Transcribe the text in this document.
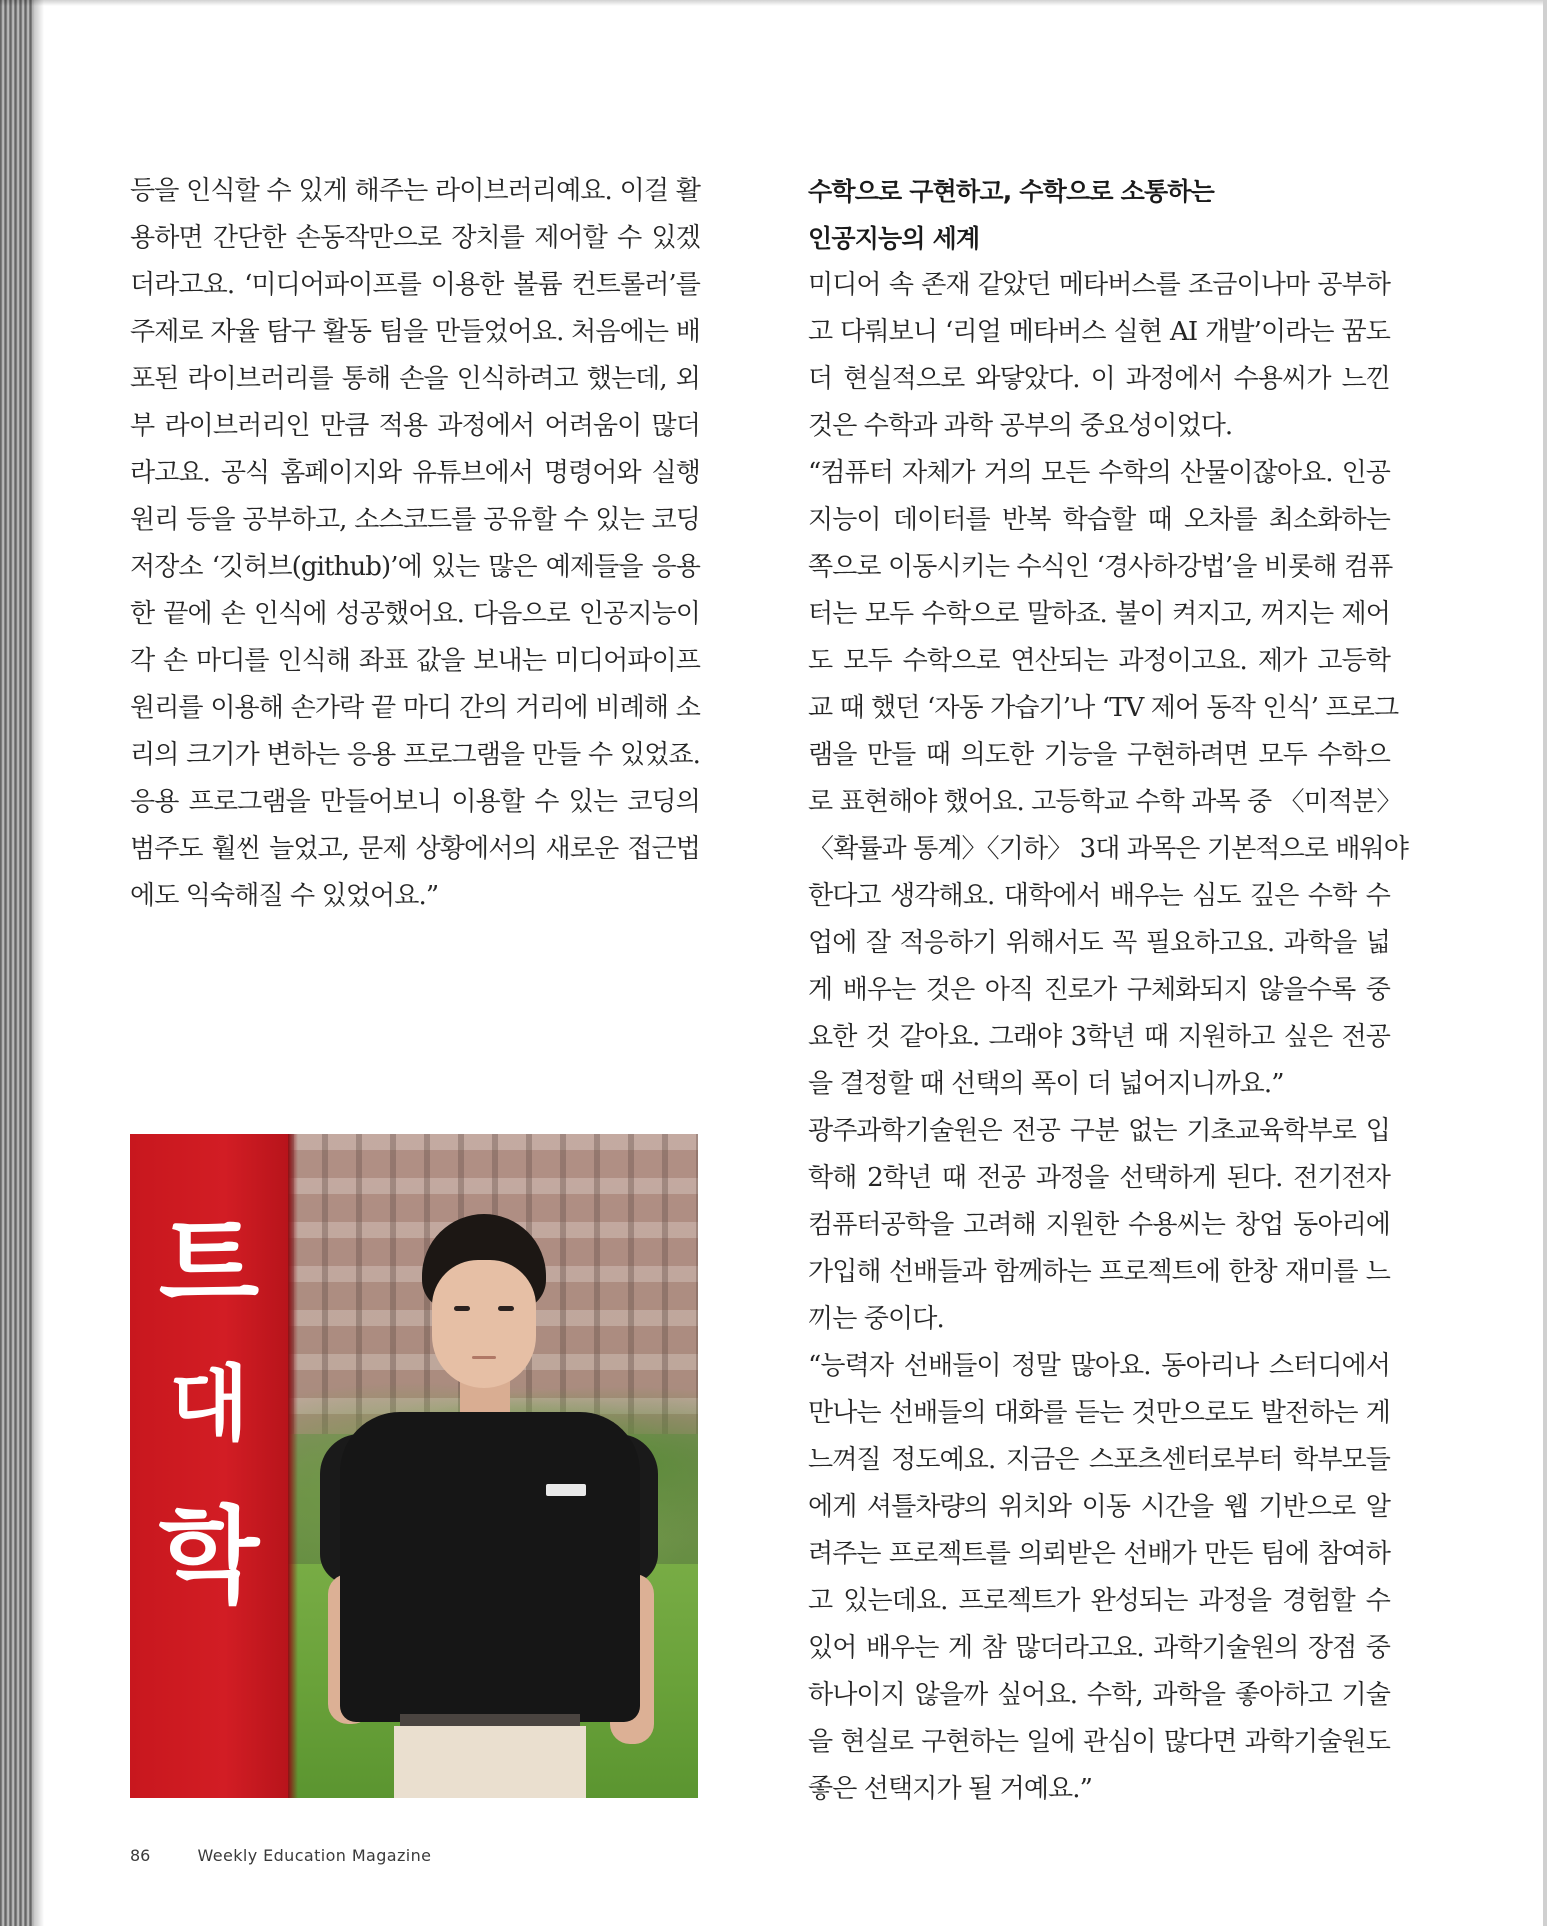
등을 인식할 수 있게 해주는 라이브러리예요. 이걸 활
용하면 간단한 손동작만으로 장치를 제어할 수 있겠
더라고요. ‘미디어파이프를 이용한 볼륨 컨트롤러’를
주제로 자율 탐구 활동 팀을 만들었어요. 처음에는 배
포된 라이브러리를 통해 손을 인식하려고 했는데, 외
부 라이브러리인 만큼 적용 과정에서 어려움이 많더
라고요. 공식 홈페이지와 유튜브에서 명령어와 실행
원리 등을 공부하고, 소스코드를 공유할 수 있는 코딩
저장소 ‘깃허브(github)’에 있는 많은 예제들을 응용
한 끝에 손 인식에 성공했어요. 다음으로 인공지능이
각 손 마디를 인식해 좌표 값을 보내는 미디어파이프
원리를 이용해 손가락 끝 마디 간의 거리에 비례해 소
리의 크기가 변하는 응용 프로그램을 만들 수 있었죠.
응용 프로그램을 만들어보니 이용할 수 있는 코딩의
범주도 훨씬 늘었고, 문제 상황에서의 새로운 접근법
에도 익숙해질 수 있었어요.”
트
대
학
수학으로 구현하고, 수학으로 소통하는
인공지능의 세계
미디어 속 존재 같았던 메타버스를 조금이나마 공부하
고 다뤄보니 ‘리얼 메타버스 실현 AI 개발’이라는 꿈도
더 현실적으로 와닿았다. 이 과정에서 수용씨가 느낀
것은 수학과 과학 공부의 중요성이었다.
“컴퓨터 자체가 거의 모든 수학의 산물이잖아요. 인공
지능이 데이터를 반복 학습할 때 오차를 최소화하는
쪽으로 이동시키는 수식인 ‘경사하강법’을 비롯해 컴퓨
터는 모두 수학으로 말하죠. 불이 켜지고, 꺼지는 제어
도 모두 수학으로 연산되는 과정이고요. 제가 고등학
교 때 했던 ‘자동 가습기’나 ‘TV 제어 동작 인식’ 프로그
램을 만들 때 의도한 기능을 구현하려면 모두 수학으
로 표현해야 했어요. 고등학교 수학 과목 중 〈미적분〉
〈확률과 통계〉〈기하〉 3대 과목은 기본적으로 배워야
한다고 생각해요. 대학에서 배우는 심도 깊은 수학 수
업에 잘 적응하기 위해서도 꼭 필요하고요. 과학을 넓
게 배우는 것은 아직 진로가 구체화되지 않을수록 중
요한 것 같아요. 그래야 3학년 때 지원하고 싶은 전공
을 결정할 때 선택의 폭이 더 넓어지니까요.”
광주과학기술원은 전공 구분 없는 기초교육학부로 입
학해 2학년 때 전공 과정을 선택하게 된다. 전기전자
컴퓨터공학을 고려해 지원한 수용씨는 창업 동아리에
가입해 선배들과 함께하는 프로젝트에 한창 재미를 느
끼는 중이다.
“능력자 선배들이 정말 많아요. 동아리나 스터디에서
만나는 선배들의 대화를 듣는 것만으로도 발전하는 게
느껴질 정도예요. 지금은 스포츠센터로부터 학부모들
에게 셔틀차량의 위치와 이동 시간을 웹 기반으로 알
려주는 프로젝트를 의뢰받은 선배가 만든 팀에 참여하
고 있는데요. 프로젝트가 완성되는 과정을 경험할 수
있어 배우는 게 참 많더라고요. 과학기술원의 장점 중
하나이지 않을까 싶어요. 수학, 과학을 좋아하고 기술
을 현실로 구현하는 일에 관심이 많다면 과학기술원도
좋은 선택지가 될 거예요.”
86	Weekly Education Magazine
